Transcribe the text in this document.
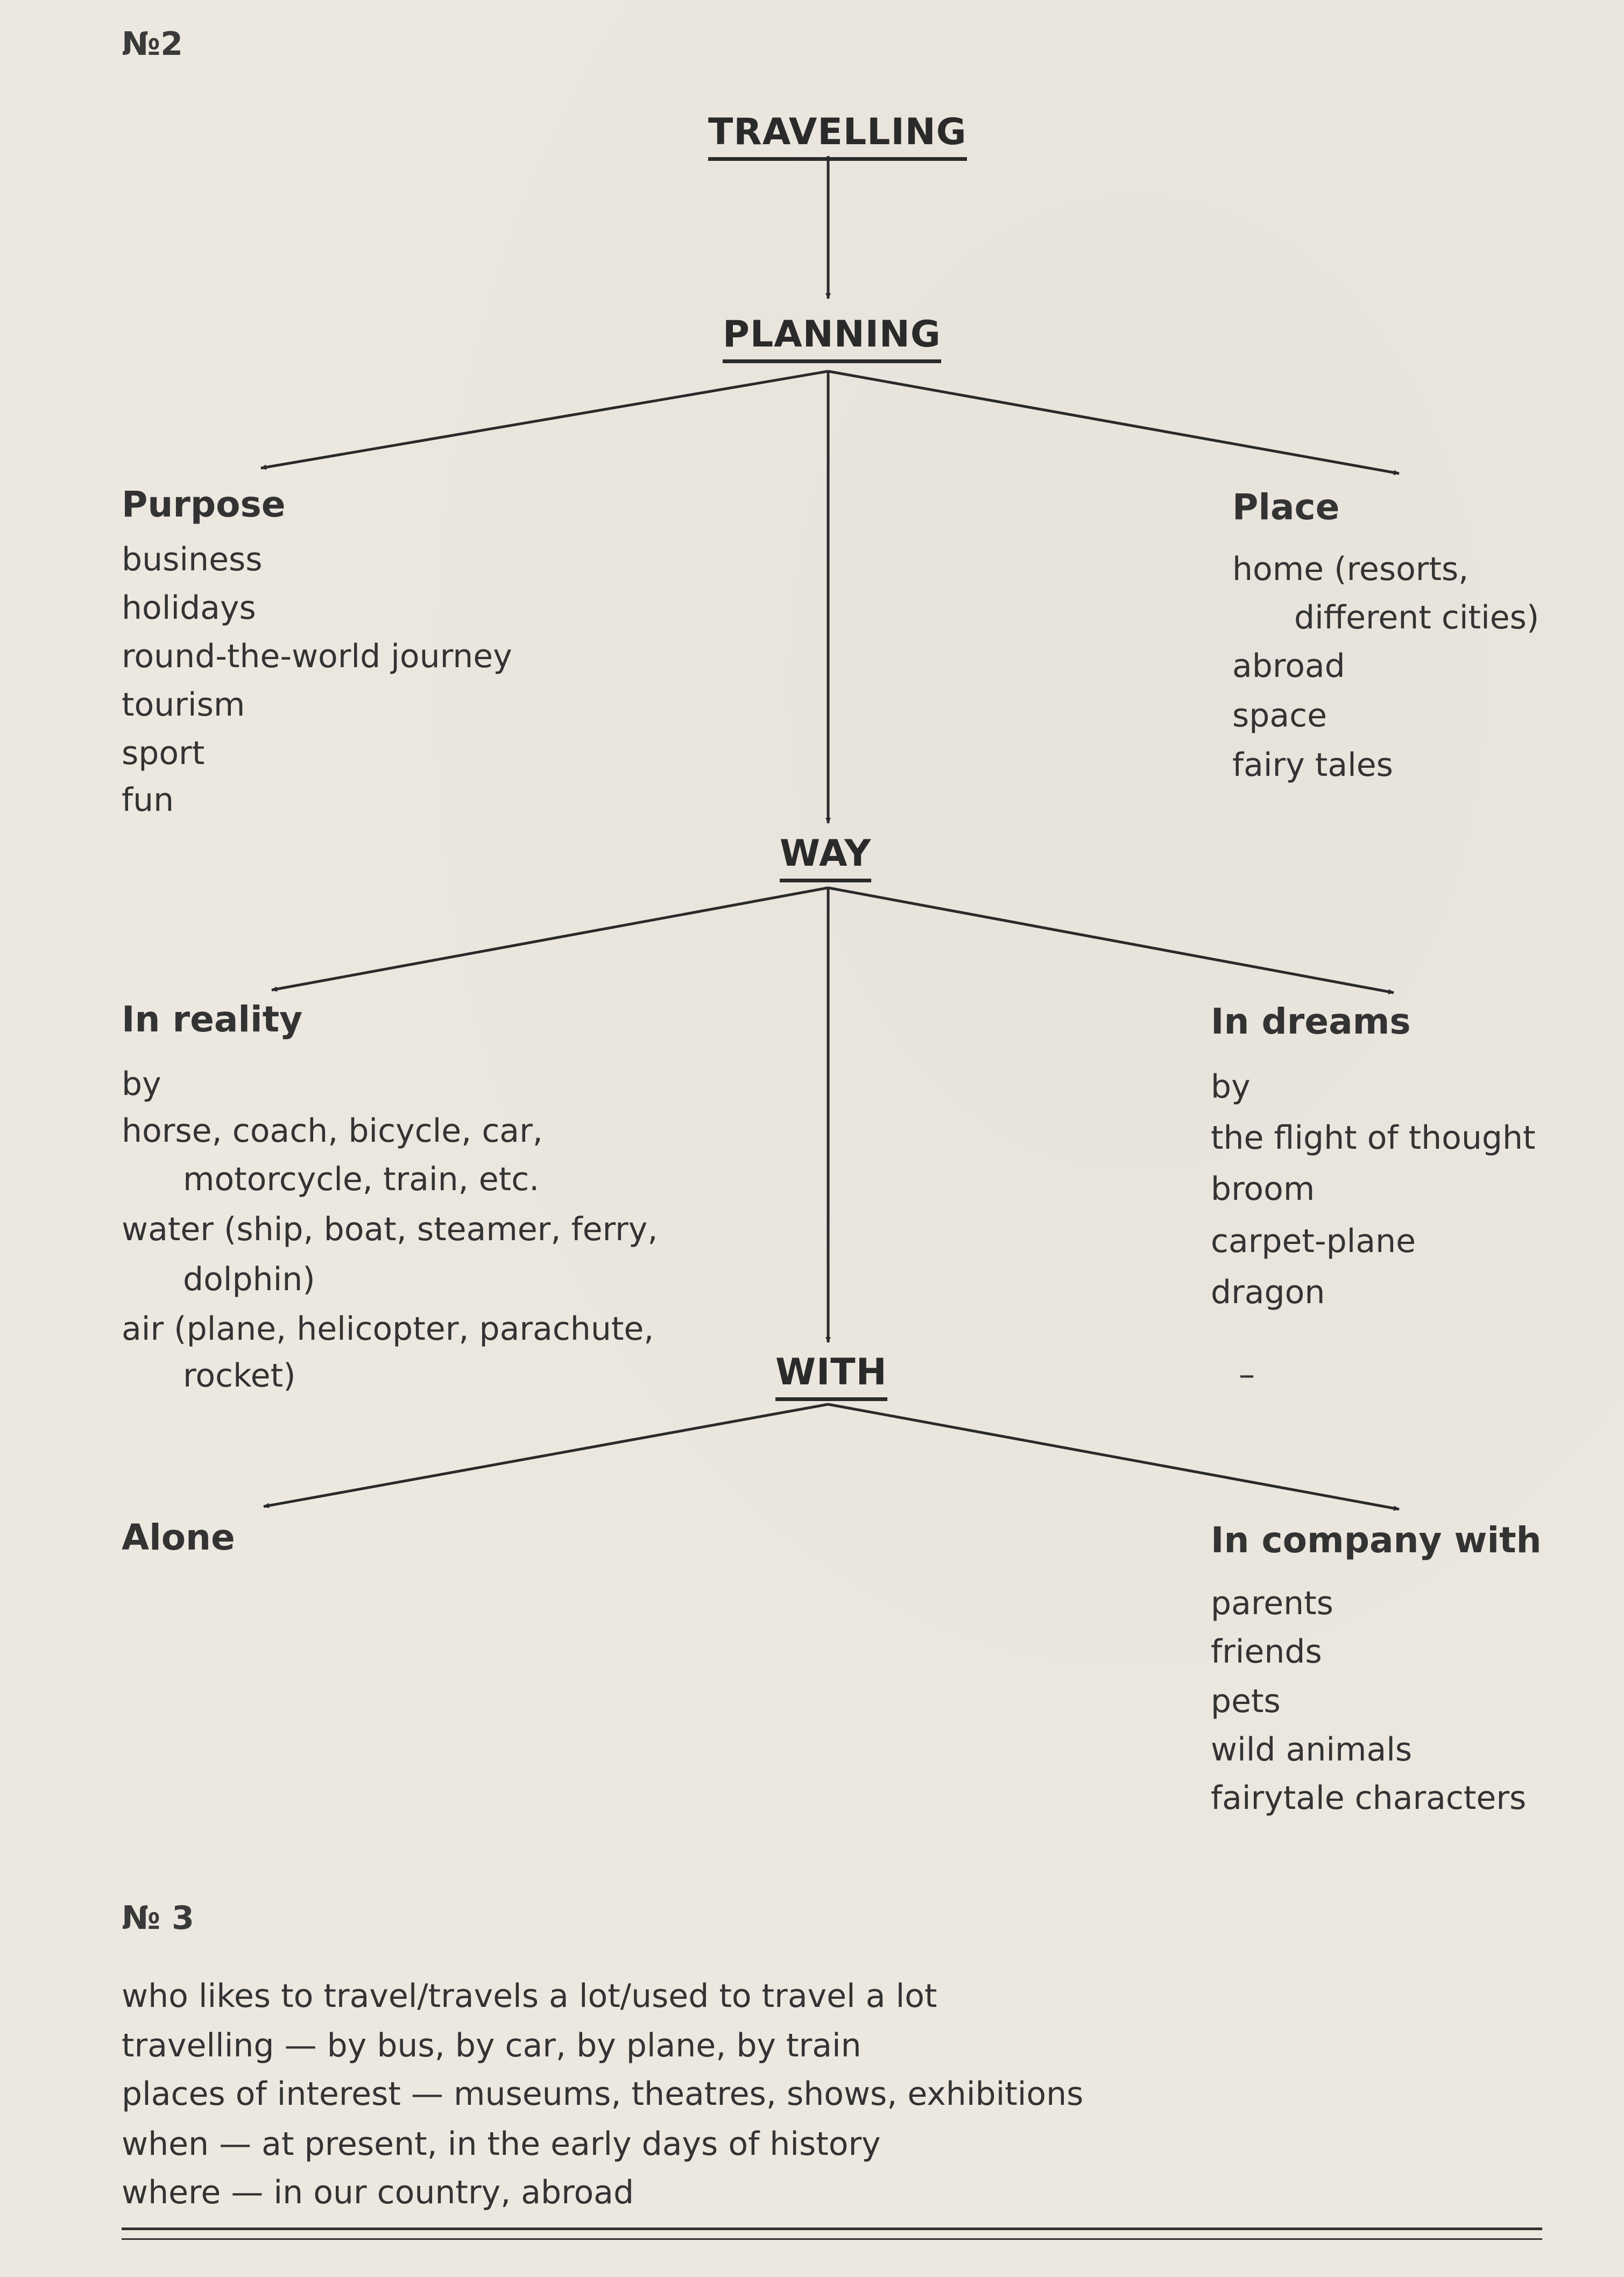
№2
TRAVELLING
PLANNING
WAY
WITH
Purpose
business
holidays
round-the-world journey
tourism
sport
fun
Place
home (resorts,
different cities)
abroad
space
fairy tales
In reality
by
horse, coach, bicycle, car,
motorcycle, train, etc.
water (ship, boat, steamer, ferry,
dolphin)
air (plane, helicopter, parachute,
rocket)
In dreams
by
the flight of thought
broom
carpet-plane
dragon
–
Alone	In company with
parents
friends
pets
wild animals
fairytale characters
№ 3
who likes to travel/travels a lot/used to travel a lot
travelling — by bus, by car, by plane, by train
places of interest — museums, theatres, shows, exhibitions
when — at present, in the early days of history
where — in our country, abroad
